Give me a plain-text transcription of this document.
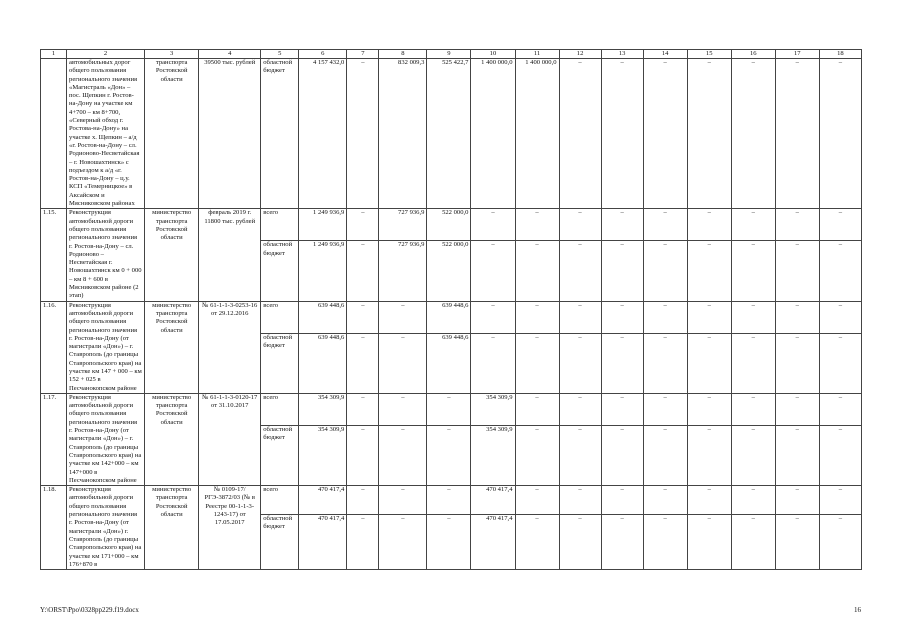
1	2	3	4	5	6	7	8	9	10	11	12	13	14	15	16	17	18
	автомобильных дорог общего пользования регионального значения «Магистраль «Дон» – пос. Щепкин г. Ростов-на-Дону на участке км 4+700 – км 8+700, «Северный обход г. Ростова-на-Дону» на участке х. Щепкин – а/д «г. Ростов-на-Дону – сл. Родионово-Несветайская – г. Новошахтинск» с подъездом к а/д «г. Ростов-на-Дону – ц.у. КСП «Темерницкое» в Аксайском и Мясниковском районах	транспорта Ростовской области	39500 тыс. рублей	областной бюджет	4 157 432,0	–	832 009,3	525 422,7	1 400 000,0	1 400 000,0	–	–	–	–	–	–	–
1.15.	Реконструкция автомобильной дороги общего пользования регионального значения г. Ростов-на-Дону – сл. Родионово – Несветайская г. Новошахтинск км 0 + 000 – км 8 + 600 в Мясниковском районе (2 этап)	министерство транспорта Ростовской области	февраль 2019 г. 11800 тыс. рублей	всего	1 249 936,9	–	727 936,9	522 000,0	–	–	–	–	–	–	–	–	–
				областной бюджет	1 249 936,9	–	727 936,9	522 000,0	–	–	–	–	–	–	–	–	–
1.16.	Реконструкция автомобильной дороги общего пользования регионального значения г. Ростов-на-Дону (от магистрали «Дон») – г. Ставрополь (до границы Ставропольского края) на участке км 147 + 000 – км 152 + 025 в Песчанокопском районе	министерство транспорта Ростовской области	№ 61-1-1-3-0253-16 от 29.12.2016	всего	639 448,6	–	–	639 448,6	–	–	–	–	–	–	–	–	–
				областной бюджет	639 448,6	–	–	639 448,6	–	–	–	–	–	–	–	–	–
1.17.	Реконструкция автомобильной дороги общего пользования регионального значения г. Ростов-на-Дону (от магистрали «Дон») – г. Ставрополь (до границы Ставропольского края) на участке км 142+000 – км 147+000 в Песчанокопском районе	министерство транспорта Ростовской области	№ 61-1-1-3-0120-17 от 31.10.2017	всего	354 309,9	–	–	–	354 309,9	–	–	–	–	–	–	–	–
				областной бюджет	354 309,9	–	–	–	354 309,9	–	–	–	–	–	–	–	–
1.18.	Реконструкция автомобильной дороги общего пользования регионального значения г. Ростов-на-Дону (от магистрали «Дон») г. Ставрополь (до границы Ставропольского края) на участке км 171+000 – км 176+870 в	министерство транспорта Ростовской области	№ 0109-17/РГЭ-3872/03 (№ в Реестре 00-1-1-3-1243-17) от 17.05.2017	всего	470 417,4	–	–	–	470 417,4	–	–	–	–	–	–	–	–
				областной бюджет	470 417,4	–	–	–	470 417,4	–	–	–	–	–	–	–	–
Y:\ORST\Ppo\0328pp229.f19.docx	16
